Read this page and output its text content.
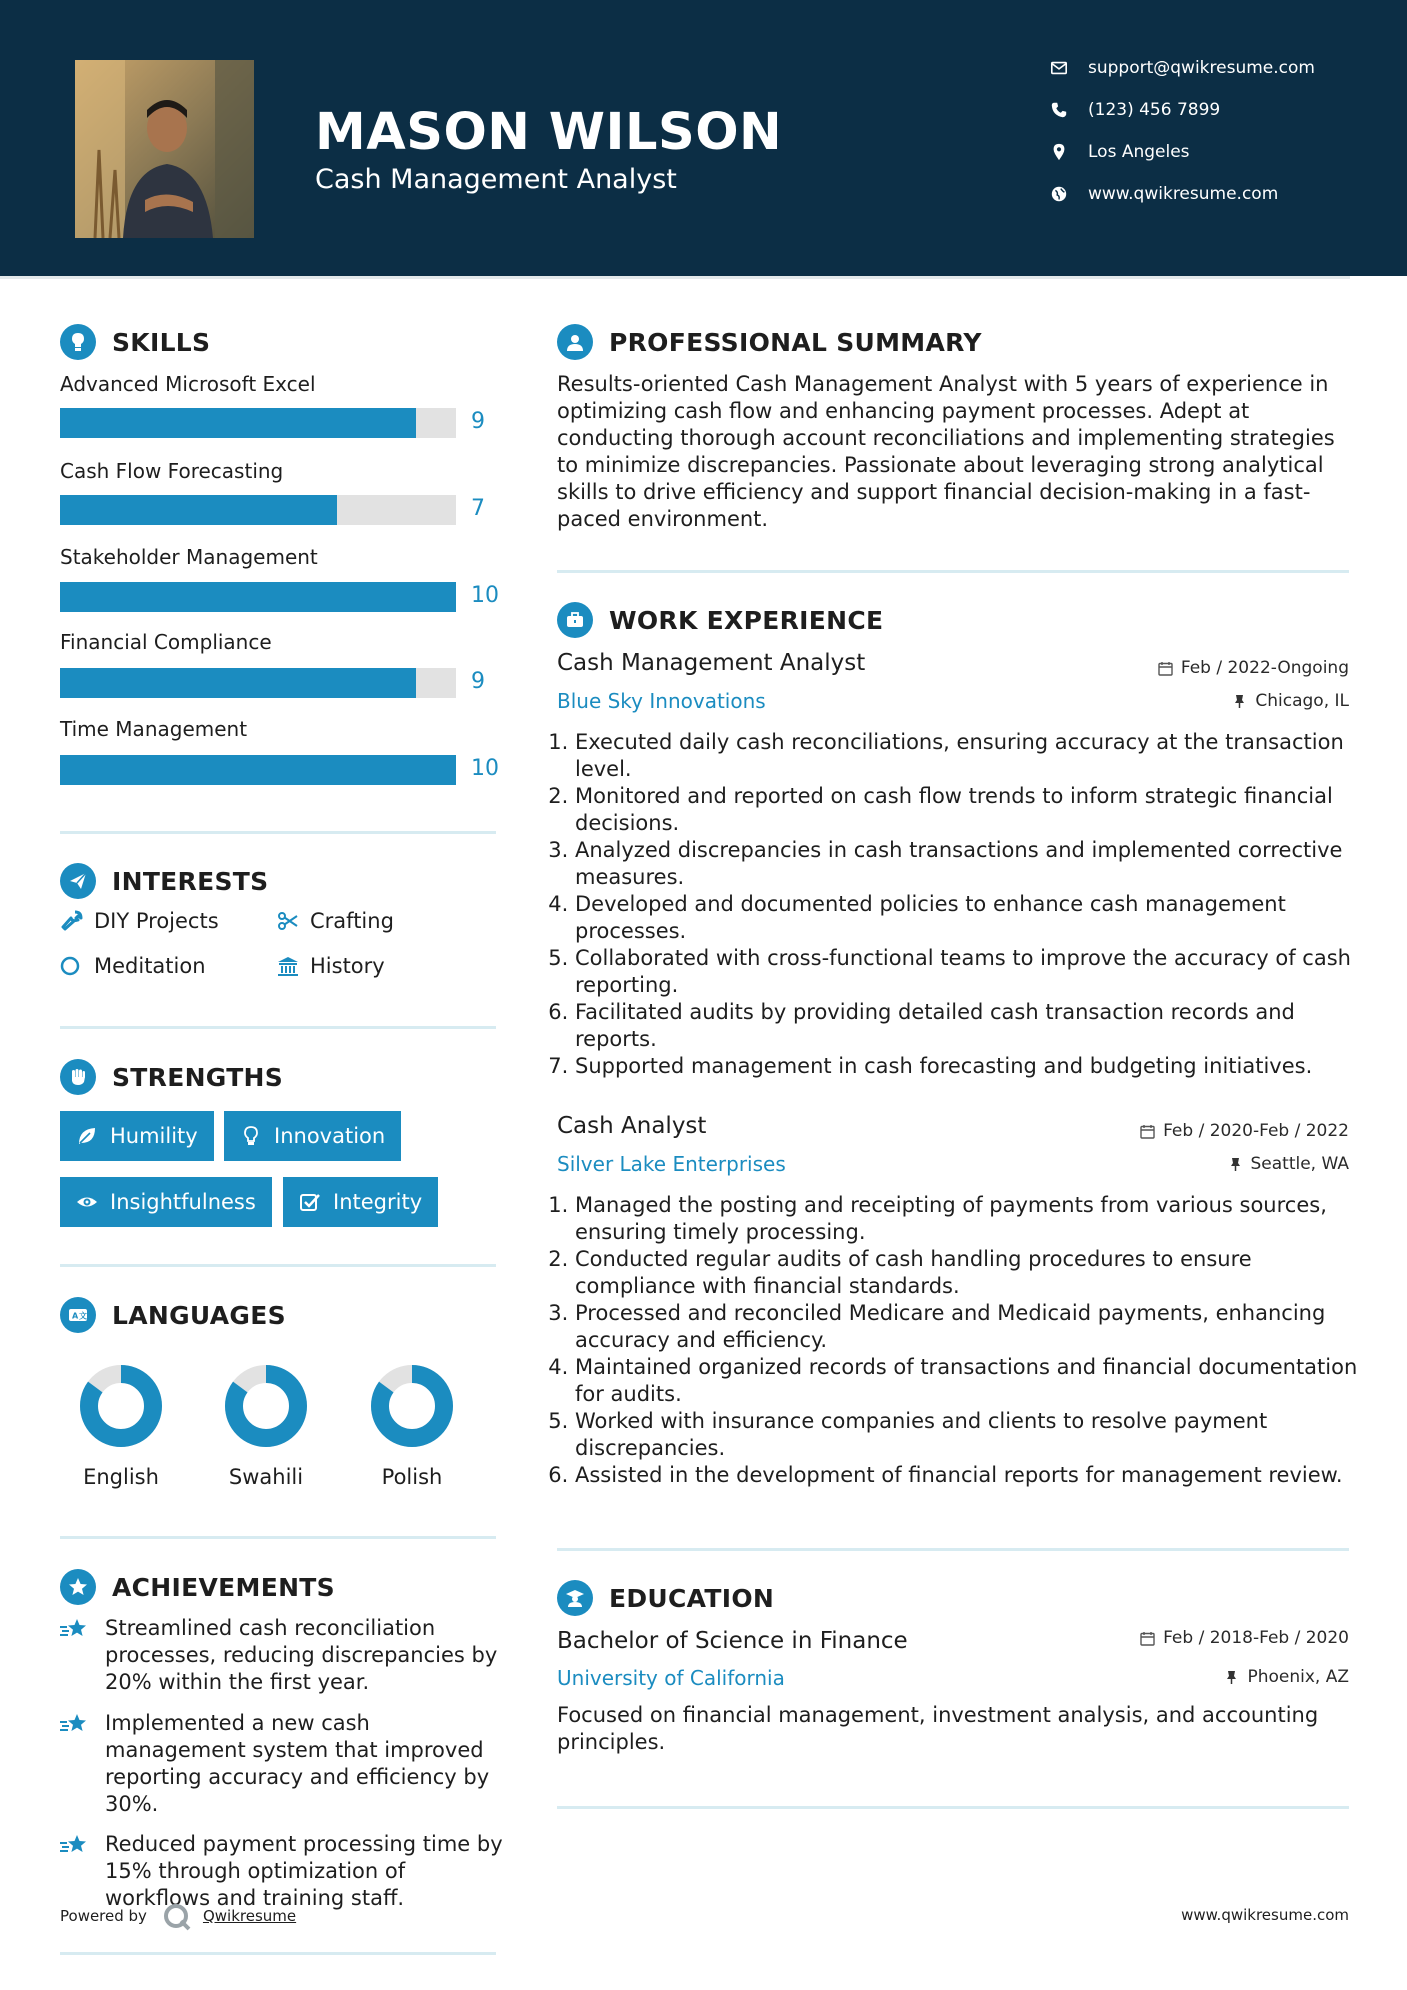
MASON WILSON
Cash Management Analyst
support@qwikresume.com
(123) 456 7899
Los Angeles
www.qwikresume.com
SKILLS
Advanced Microsoft Excel
9
Cash Flow Forecasting
7
Stakeholder Management
10
Financial Compliance
9
Time Management
10
INTERESTS
DIY Projects	Crafting
Meditation	History
STRENGTHS
Humility	Innovation
Insightfulness	Integrity
A 文 LANGUAGES
English	Swahili	Polish
ACHIEVEMENTS
Streamlined cash reconciliation processes, reducing discrepancies by 20% within the first year.
Implemented a new cash management system that improved reporting accuracy and efficiency by 30%.
Reduced payment processing time by 15% through optimization of workflows and training staff.
PROFESSIONAL SUMMARY
Results-oriented Cash Management Analyst with 5 years of experience in optimizing cash flow and enhancing payment processes. Adept at conducting thorough account reconciliations and implementing strategies to minimize discrepancies. Passionate about leveraging strong analytical skills to drive efficiency and support financial decision-making in a fast-paced environment.
WORK EXPERIENCE
Cash Management Analyst	Feb / 2022-Ongoing
Blue Sky Innovations	Chicago, IL
1. Executed daily cash reconciliations, ensuring accuracy at the transaction level.
2. Monitored and reported on cash flow trends to inform strategic financial decisions.
3. Analyzed discrepancies in cash transactions and implemented corrective measures.
4. Developed and documented policies to enhance cash management processes.
5. Collaborated with cross-functional teams to improve the accuracy of cash reporting.
6. Facilitated audits by providing detailed cash transaction records and reports.
7. Supported management in cash forecasting and budgeting initiatives.
Cash Analyst	Feb / 2020-Feb / 2022
Silver Lake Enterprises	Seattle, WA
1. Managed the posting and receipting of payments from various sources, ensuring timely processing.
2. Conducted regular audits of cash handling procedures to ensure compliance with financial standards.
3. Processed and reconciled Medicare and Medicaid payments, enhancing accuracy and efficiency.
4. Maintained organized records of transactions and financial documentation for audits.
5. Worked with insurance companies and clients to resolve payment discrepancies.
6. Assisted in the development of financial reports for management review.
EDUCATION
Bachelor of Science in Finance	Feb / 2018-Feb / 2020
University of California	Phoenix, AZ
Focused on financial management, investment analysis, and accounting principles.
Powered by	Qwikresume	www.qwikresume.com
